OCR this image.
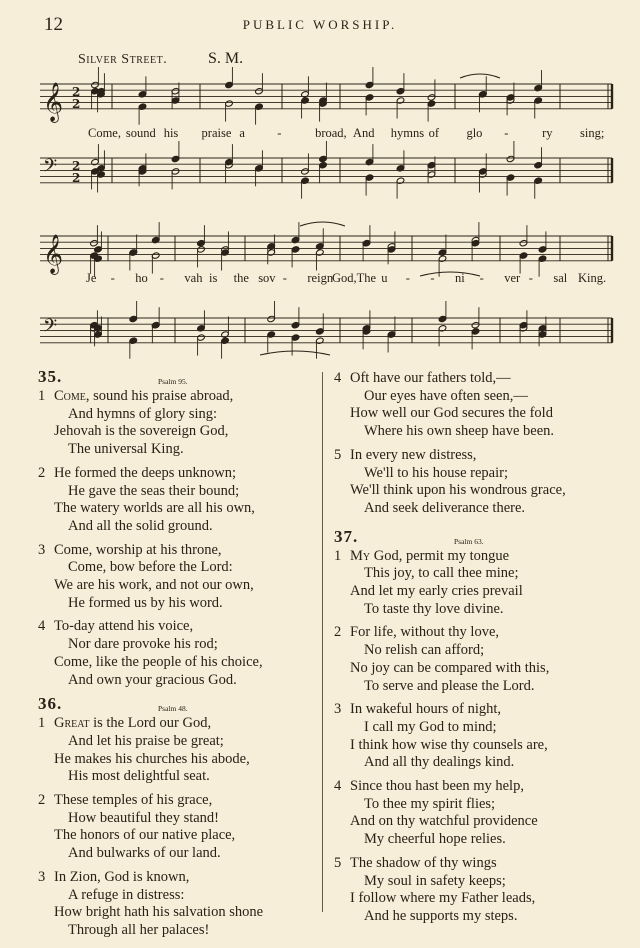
12	PUBLIC WORSHIP.
Silver Street.	S. M.
𝄞 2
2
𝄢 2
2
𝄞
𝄢
Come, sound his praise a	-	broad, And hymns of glo -	ry sing;
Je - ho - vah is the sov - reign
God, The u - - ni - ver - sal King.
35.	Psalm 95.
1 Come, sound his praise abroad,
And hymns of glory sing:
Jehovah is the sovereign God,
The universal King.
2 He formed the deeps unknown;
He gave the seas their bound;
The watery worlds are all his own,
And all the solid ground.
3 Come, worship at his throne,
Come, bow before the Lord:
We are his work, and not our own,
He formed us by his word.
4 To-day attend his voice,
Nor dare provoke his rod;
Come, like the people of his choice,
And own your gracious God.
36.	Psalm 48.
1 Great is the Lord our God,
And let his praise be great;
He makes his churches his abode,
His most delightful seat.
2 These temples of his grace,
How beautiful they stand!
The honors of our native place,
And bulwarks of our land.
3 In Zion, God is known,
A refuge in distress:
How bright hath his salvation shone
Through all her palaces!
4 Oft have our fathers told,—
Our eyes have often seen,—
How well our God secures the fold
Where his own sheep have been.
5 In every new distress,
We'll to his house repair;
We'll think upon his wondrous grace,
And seek deliverance there.
37.	Psalm 63.
1 My God, permit my tongue
This joy, to call thee mine;
And let my early cries prevail
To taste thy love divine.
2 For life, without thy love,
No relish can afford;
No joy can be compared with this,
To serve and please the Lord.
3 In wakeful hours of night,
I call my God to mind;
I think how wise thy counsels are,
And all thy dealings kind.
4 Since thou hast been my help,
To thee my spirit flies;
And on thy watchful providence
My cheerful hope relies.
5 The shadow of thy wings
My soul in safety keeps;
I follow where my Father leads,
And he supports my steps.
